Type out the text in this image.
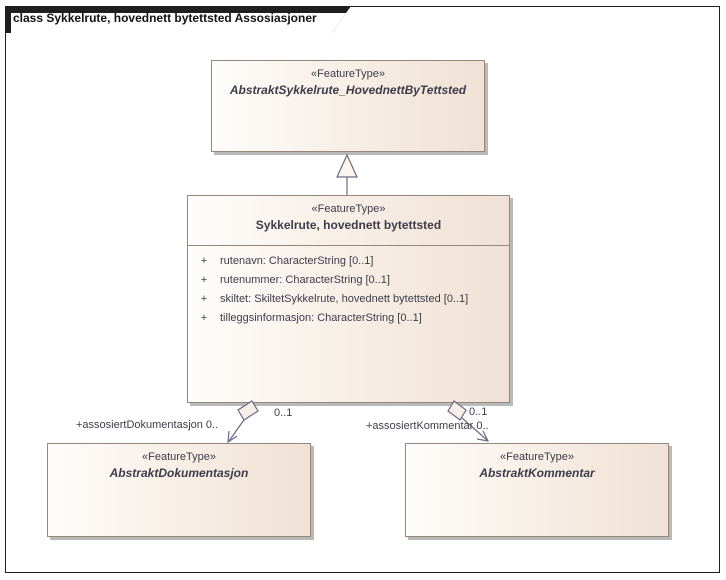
class Sykkelrute, hovednett bytettsted Assosiasjoner
«FeatureType»
AbstraktSykkelrute_HovednettByTettsted
«FeatureType»
Sykkelrute, hovednett bytettsted
+	rutenavn: CharacterString [0..1]
+	rutenummer: CharacterString [0..1]
+	skiltet: SkiltetSykkelrute, hovednett bytettsted [0..1]
+	tilleggsinformasjon: CharacterString [0..1]
«FeatureType»
AbstraktDokumentasjon
«FeatureType»
AbstraktKommentar
+assosiertDokumentasjon 0..
0..1
+assosiertKommentar 0..
0..1
